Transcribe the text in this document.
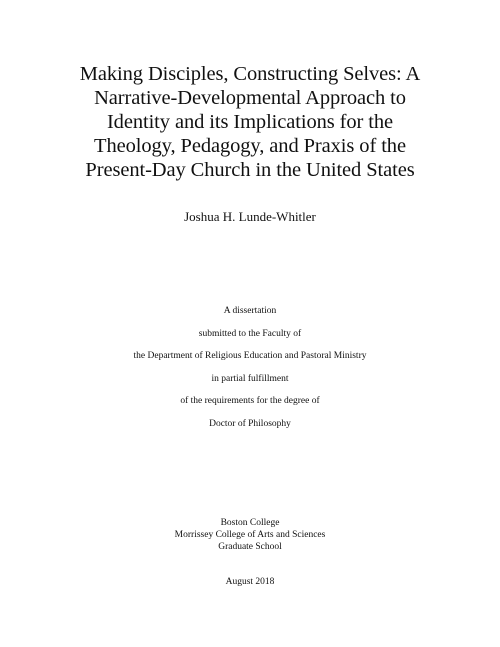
Making Disciples, Constructing Selves: A
Narrative-Developmental Approach to
Identity and its Implications for the
Theology, Pedagogy, and Praxis of the
Present-Day Church in the United States
Joshua H. Lunde-Whitler
A dissertation
submitted to the Faculty of
the Department of Religious Education and Pastoral Ministry
in partial fulfillment
of the requirements for the degree of
Doctor of Philosophy
Boston College
Morrissey College of Arts and Sciences
Graduate School
August 2018
